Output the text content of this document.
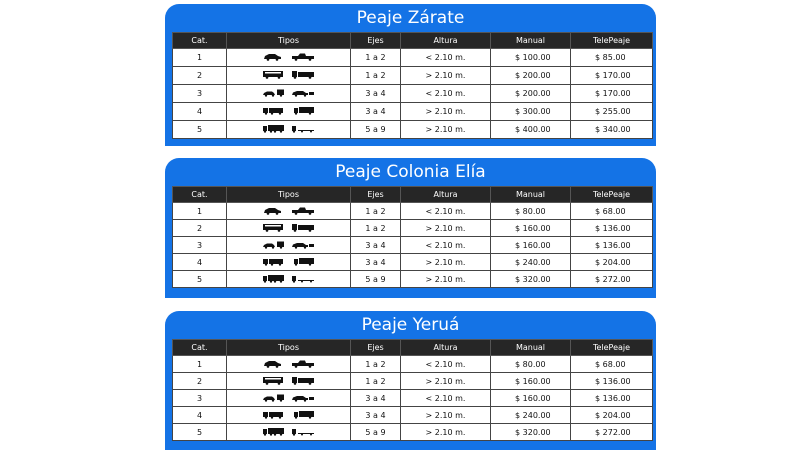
Peaje Zárate
Cat.	Tipos	Ejes	Altura	Manual	TelePeaje
1		1 a 2	< 2.10 m.	$ 100.00	$ 85.00
2		1 a 2	> 2.10 m.	$ 200.00	$ 170.00
3		3 a 4	< 2.10 m.	$ 200.00	$ 170.00
4		3 a 4	> 2.10 m.	$ 300.00	$ 255.00
5		5 a 9	> 2.10 m.	$ 400.00	$ 340.00
Peaje Colonia Elía
Cat.	Tipos	Ejes	Altura	Manual	TelePeaje
1		1 a 2	< 2.10 m.	$ 80.00	$ 68.00
2		1 a 2	> 2.10 m.	$ 160.00	$ 136.00
3		3 a 4	< 2.10 m.	$ 160.00	$ 136.00
4		3 a 4	> 2.10 m.	$ 240.00	$ 204.00
5		5 a 9	> 2.10 m.	$ 320.00	$ 272.00
Peaje Yeruá
Cat.	Tipos	Ejes	Altura	Manual	TelePeaje
1		1 a 2	< 2.10 m.	$ 80.00	$ 68.00
2		1 a 2	> 2.10 m.	$ 160.00	$ 136.00
3		3 a 4	< 2.10 m.	$ 160.00	$ 136.00
4		3 a 4	> 2.10 m.	$ 240.00	$ 204.00
5		5 a 9	> 2.10 m.	$ 320.00	$ 272.00
